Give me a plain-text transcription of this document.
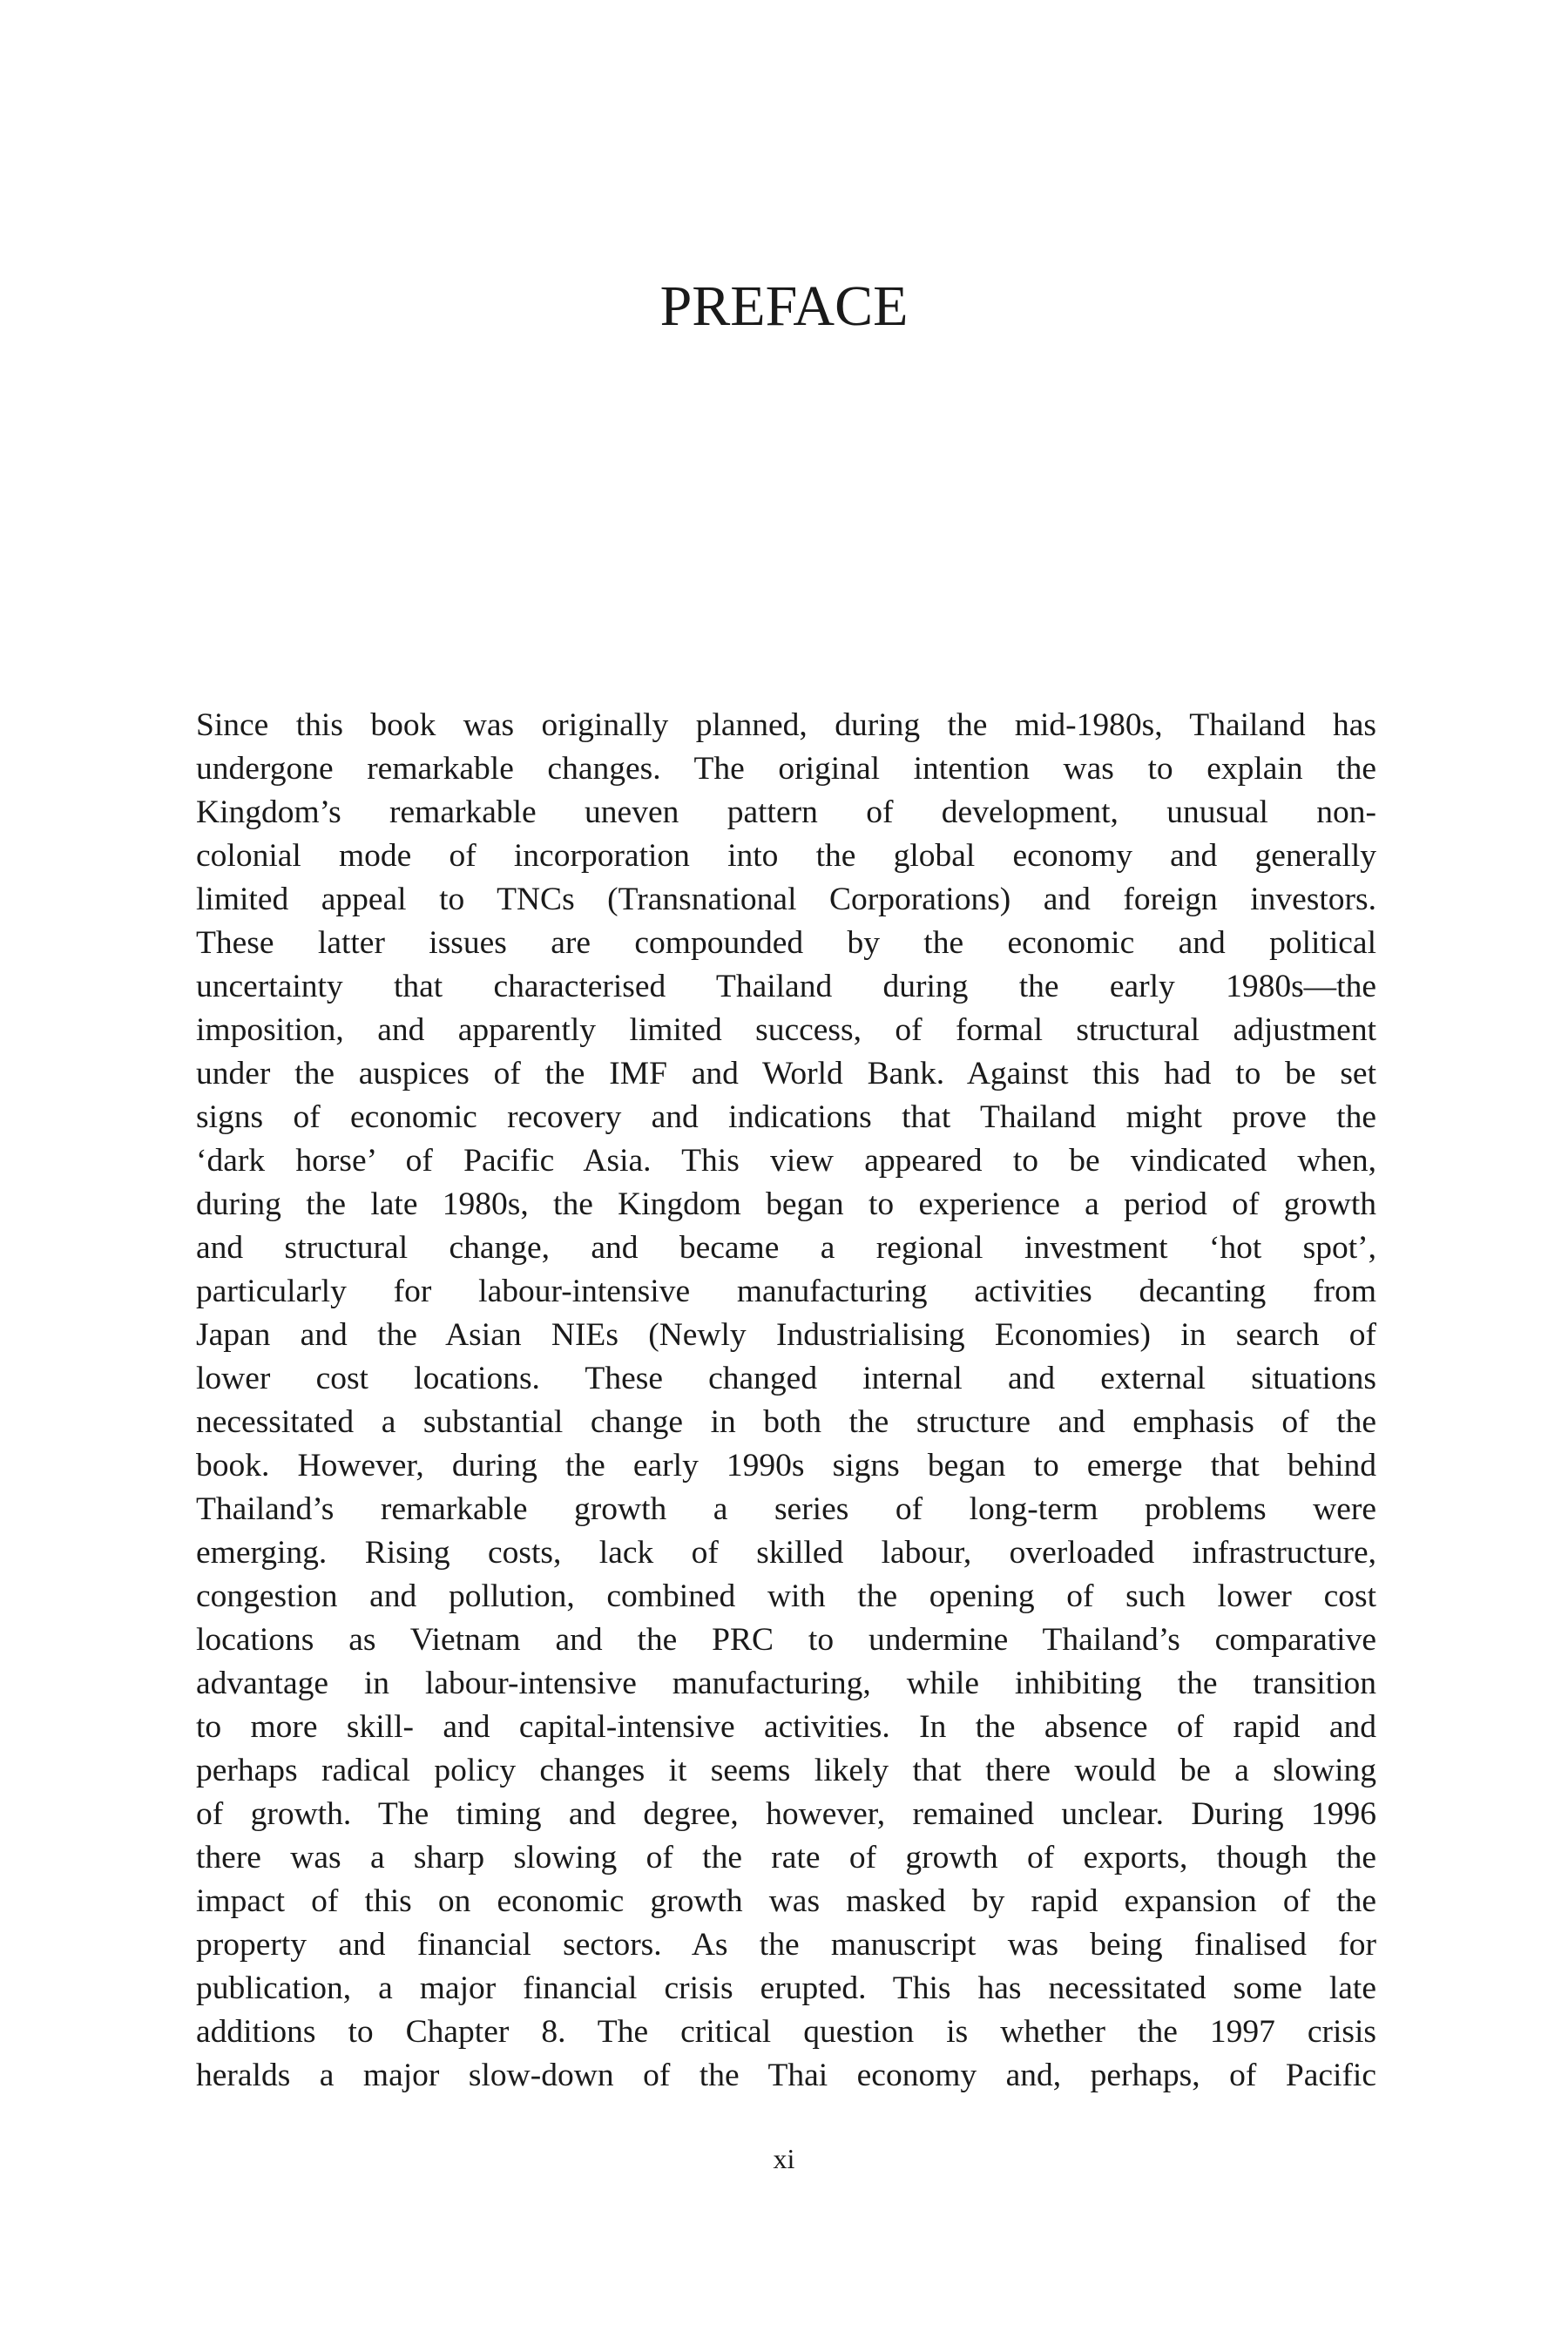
PREFACE
Since this book was originally planned, during the mid-1980s, Thailand has
undergone remarkable changes. The original intention was to explain the
Kingdom’s remarkable uneven pattern of development, unusual non-
colonial mode of incorporation into the global economy and generally
limited appeal to TNCs (Transnational Corporations) and foreign investors.
These latter issues are compounded by the economic and political
uncertainty that characterised Thailand during the early 1980s—the
imposition, and apparently limited success, of formal structural adjustment
under the auspices of the IMF and World Bank. Against this had to be set
signs of economic recovery and indications that Thailand might prove the
‘dark horse’ of Pacific Asia. This view appeared to be vindicated when,
during the late 1980s, the Kingdom began to experience a period of growth
and structural change, and became a regional investment ‘hot spot’,
particularly for labour-intensive manufacturing activities decanting from
Japan and the Asian NIEs (Newly Industrialising Economies) in search of
lower cost locations. These changed internal and external situations
necessitated a substantial change in both the structure and emphasis of the
book. However, during the early 1990s signs began to emerge that behind
Thailand’s remarkable growth a series of long-term problems were
emerging. Rising costs, lack of skilled labour, overloaded infrastructure,
congestion and pollution, combined with the opening of such lower cost
locations as Vietnam and the PRC to undermine Thailand’s comparative
advantage in labour-intensive manufacturing, while inhibiting the transition
to more skill- and capital-intensive activities. In the absence of rapid and
perhaps radical policy changes it seems likely that there would be a slowing
of growth. The timing and degree, however, remained unclear. During 1996
there was a sharp slowing of the rate of growth of exports, though the
impact of this on economic growth was masked by rapid expansion of the
property and financial sectors. As the manuscript was being finalised for
publication, a major financial crisis erupted. This has necessitated some late
additions to Chapter 8. The critical question is whether the 1997 crisis
heralds a major slow-down of the Thai economy and, perhaps, of Pacific
xi
